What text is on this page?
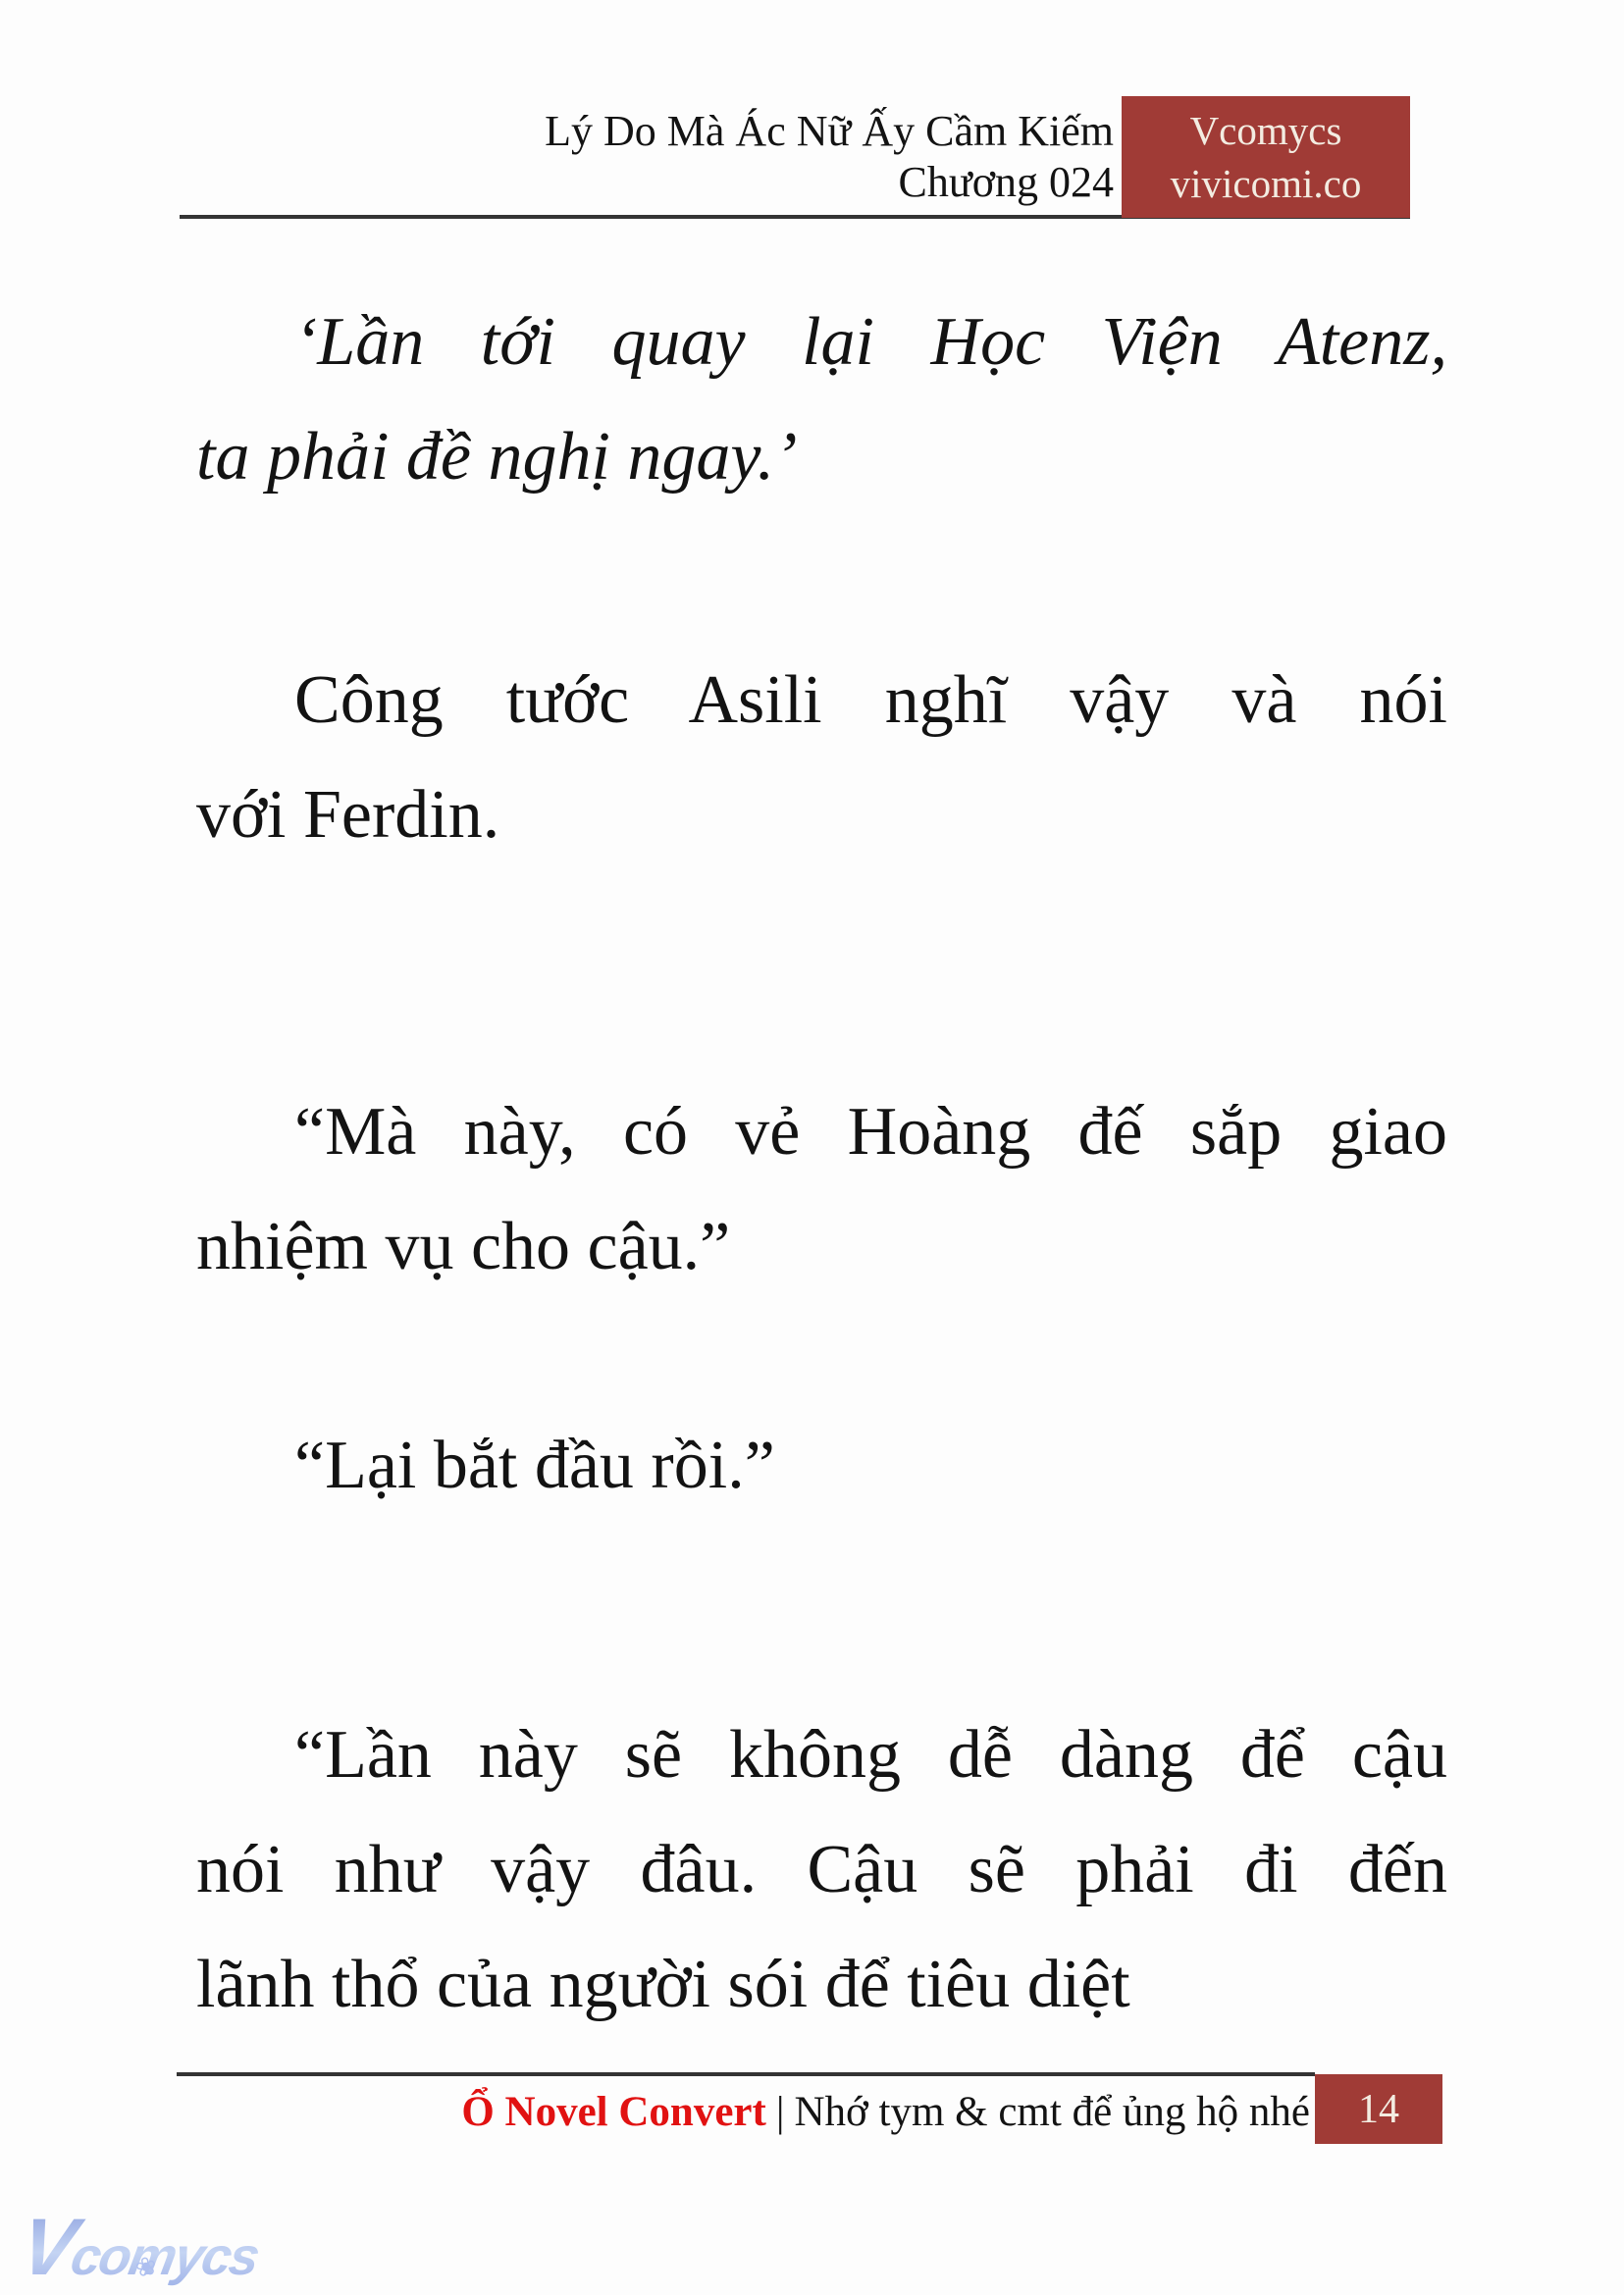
Lý Do Mà Ác Nữ Ấy Cầm Kiếm
Chương 024
Vcomycs
vivicomi.co
‘Lần tới quay lại Học Viện Atenz,
ta phải đề nghị ngay.’
Công tước Asili nghĩ vậy và nói
với Ferdin.
“Mà này, có vẻ Hoàng đế sắp giao
nhiệm vụ cho cậu.”
“Lại bắt đầu rồi.”
“Lần này sẽ không dễ dàng để cậu
nói như vậy đâu. Cậu sẽ phải đi đến
lãnh thổ của người sói để tiêu diệt
Ổ Novel Convert | Nhớ tym & cmt để ủng hộ nhé 14
Vcomycs
❀
